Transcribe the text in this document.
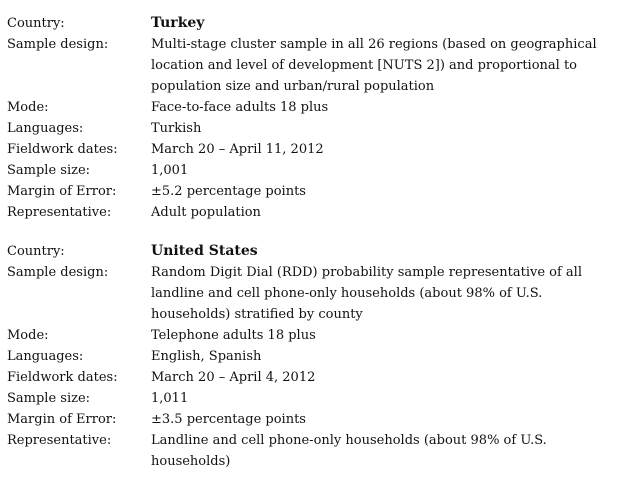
Country:	Turkey
Sample design:	Multi-stage cluster sample in all 26 regions (based on geographical location and level of development [NUTS 2]) and proportional to population size and urban/rural population
Mode:	Face-to-face adults 18 plus
Languages:	Turkish
Fieldwork dates:	March 20 – April 11, 2012
Sample size:	1,001
Margin of Error:	±5.2 percentage points
Representative:	Adult population
Country:	United States
Sample design:	Random Digit Dial (RDD) probability sample representative of all landline and cell phone-only households (about 98% of U.S. households) stratified by county
Mode:	Telephone adults 18 plus
Languages:	English, Spanish
Fieldwork dates:	March 20 – April 4, 2012
Sample size:	1,011
Margin of Error:	±3.5 percentage points
Representative:	Landline and cell phone-only households (about 98% of U.S. households)
